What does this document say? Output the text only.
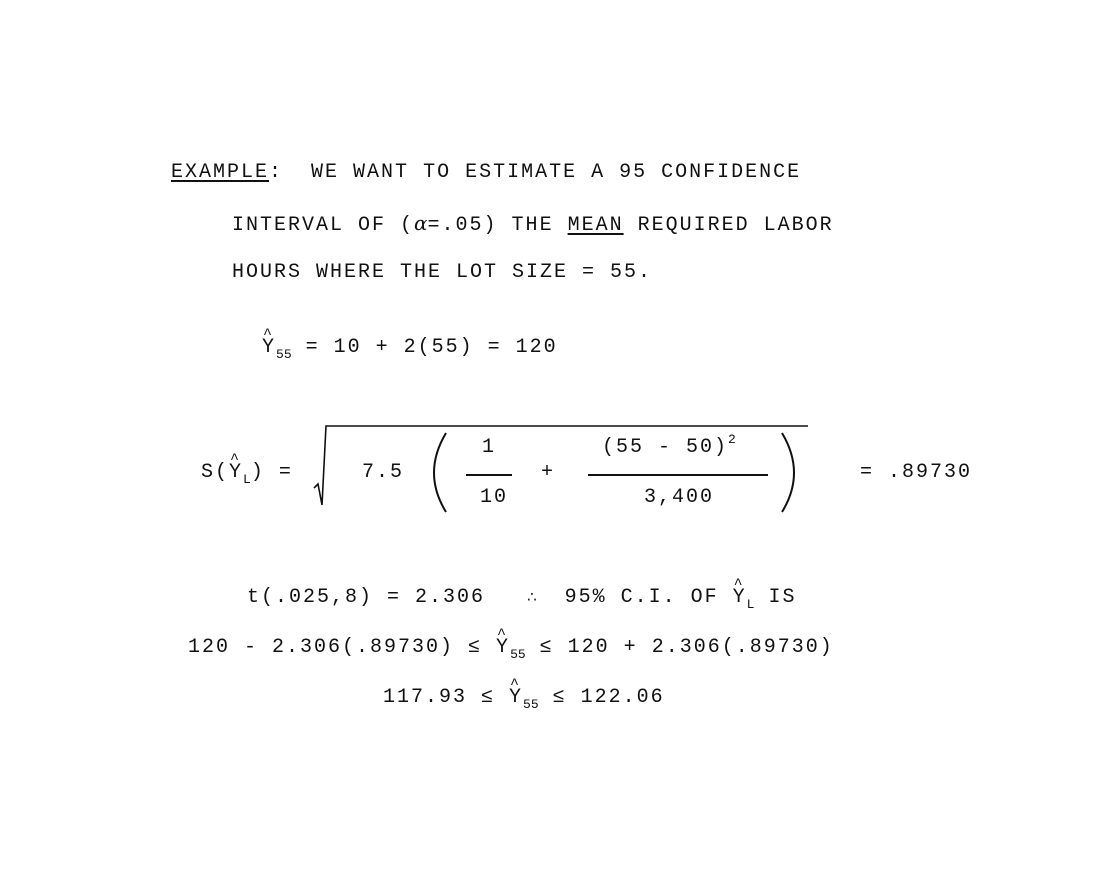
EXAMPLE: WE WANT TO ESTIMATE A 95 CONFIDENCE
INTERVAL OF (α=.05) THE MEAN REQUIRED LABOR
HOURS WHERE THE LOT SIZE = 55.
^ $Y_{55} = 10 + 2(55) = 120$
S(^ $Y_L$) =	7.5
1
10
+
(55 - 50)$^2$
3,400
= .89730
t(.025,8) = 2.306	∴ 95% C.I. OF ^ $Y_L$ IS
120 - 2.306(.89730) ≤ ^ $Y_{55} \le 120 + 2.306(.89730)$
117.93 ≤ ^ $Y_{55} \le 122.06$
